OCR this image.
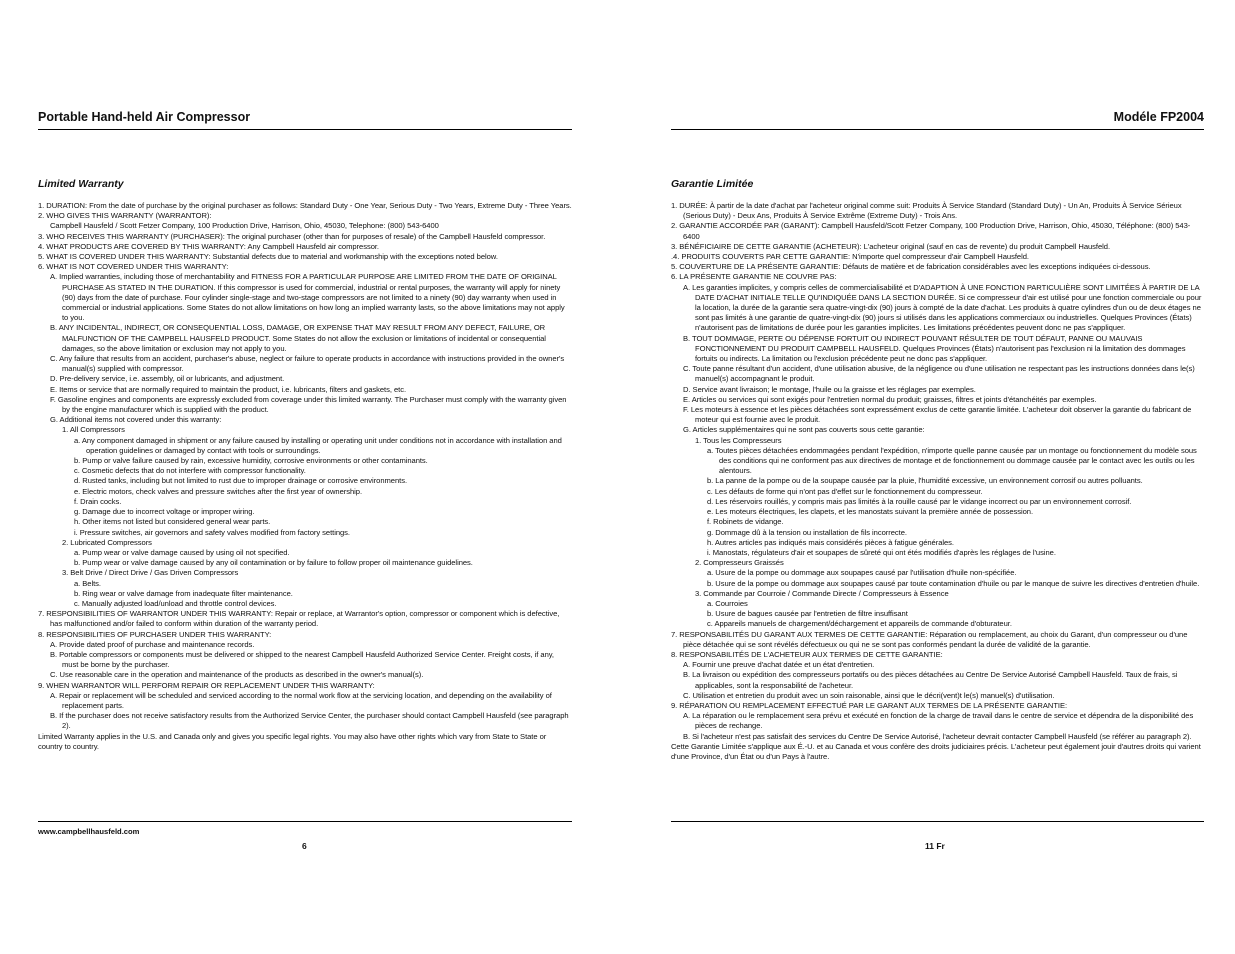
Portable Hand-held Air Compressor
Limited Warranty

1. DURATION: From the date of purchase by the original purchaser as follows: Standard Duty - One Year, Serious Duty - Two Years, Extreme Duty - Three Years.

2. WHO GIVES THIS WARRANTY (WARRANTOR):

Campbell Hausfeld / Scott Fetzer Company, 100 Production Drive, Harrison, Ohio, 45030, Telephone: (800) 543-6400

3. WHO RECEIVES THIS WARRANTY (PURCHASER): The original purchaser (other than for purposes of resale) of the Campbell Hausfeld compressor.

4. WHAT PRODUCTS ARE COVERED BY THIS WARRANTY: Any Campbell Hausfeld air compressor.

5. WHAT IS COVERED UNDER THIS WARRANTY: Substantial defects due to material and workmanship with the exceptions noted below.

6. WHAT IS NOT COVERED UNDER THIS WARRANTY:

A. Implied warranties, including those of merchantability and FITNESS FOR A PARTICULAR PURPOSE ARE LIMITED FROM THE DATE OF ORIGINAL PURCHASE AS STATED IN THE DURATION. If this compressor is used for commercial, industrial or rental purposes, the warranty will apply for ninety (90) days from the date of purchase. Four cylinder single-stage and two-stage compressors are not limited to a ninety (90) day warranty when used in commercial or industrial applications. Some States do not allow limitations on how long an implied warranty lasts, so the above limitations may not apply to you.

B. ANY INCIDENTAL, INDIRECT, OR CONSEQUENTIAL LOSS, DAMAGE, OR EXPENSE THAT MAY RESULT FROM ANY DEFECT, FAILURE, OR MALFUNCTION OF THE CAMPBELL HAUSFELD PRODUCT. Some States do not allow the exclusion or limitations of incidental or consequential damages, so the above limitation or exclusion may not apply to you.

C. Any failure that results from an accident, purchaser's abuse, neglect or failure to operate products in accordance with instructions provided in the owner's manual(s) supplied with compressor.

D. Pre-delivery service, i.e. assembly, oil or lubricants, and adjustment.

E. Items or service that are normally required to maintain the product, i.e. lubricants, filters and gaskets, etc.

F. Gasoline engines and components are expressly excluded from coverage under this limited warranty. The Purchaser must comply with the warranty given by the engine manufacturer which is supplied with the product.

G. Additional items not covered under this warranty:

1. All Compressors

a. Any component damaged in shipment or any failure caused by installing or operating unit under conditions not in accordance with installation and operation guidelines or damaged by contact with tools or surroundings.

b. Pump or valve failure caused by rain, excessive humidity, corrosive environments or other contaminants.

c. Cosmetic defects that do not interfere with compressor functionality.

d. Rusted tanks, including but not limited to rust due to improper drainage or corrosive environments.

e. Electric motors, check valves and pressure switches after the first year of ownership.

f. Drain cocks.

g. Damage due to incorrect voltage or improper wiring.

h. Other items not listed but considered general wear parts.

i. Pressure switches, air governors and safety valves modified from factory settings.

2. Lubricated Compressors

a. Pump wear or valve damage caused by using oil not specified.

b. Pump wear or valve damage caused by any oil contamination or by failure to follow proper oil maintenance guidelines.

3. Belt Drive / Direct Drive / Gas Driven Compressors

a. Belts.

b. Ring wear or valve damage from inadequate filter maintenance.

c. Manually adjusted load/unload and throttle control devices.

7. RESPONSIBILITIES OF WARRANTOR UNDER THIS WARRANTY: Repair or replace, at Warrantor's option, compressor or component which is defective, has malfunctioned and/or failed to conform within duration of the warranty period.

8. RESPONSIBILITIES OF PURCHASER UNDER THIS WARRANTY:

A. Provide dated proof of purchase and maintenance records.

B. Portable compressors or components must be delivered or shipped to the nearest Campbell Hausfeld Authorized Service Center. Freight costs, if any, must be borne by the purchaser.

C. Use reasonable care in the operation and maintenance of the products as described in the owner's manual(s).

9. WHEN WARRANTOR WILL PERFORM REPAIR OR REPLACEMENT UNDER THIS WARRANTY:

A. Repair or replacement will be scheduled and serviced according to the normal work flow at the servicing location, and depending on the availability of replacement parts.

B. If the purchaser does not receive satisfactory results from the Authorized Service Center, the purchaser should contact Campbell Hausfeld (see paragraph 2).

Limited Warranty applies in the U.S. and Canada only and gives you specific legal rights. You may also have other rights which vary from State to State or country to country.

www.campbellhausfeld.com
6
Modéle FP2004
Garantie Limitée

1. DURÉE: À partir de la date d'achat par l'acheteur original comme suit: Produits À Service Standard (Standard Duty) - Un An, Produits À Service Sérieux (Serious Duty) - Deux Ans, Produits À Service Extrême (Extreme Duty) - Trois Ans.

2. GARANTIE ACCORDÉE PAR (GARANT): Campbell Hausfeld/Scott Fetzer Company, 100 Production Drive, Harrison, Ohio, 45030, Téléphone: (800) 543-6400

3. BÉNÉFICIAIRE DE CETTE GARANTIE (ACHETEUR): L'acheteur original (sauf en cas de revente) du produit Campbell Hausfeld.

.4. PRODUITS COUVERTS PAR CETTE GARANTIE: N'importe quel compresseur d'air Campbell Hausfeld.

5. COUVERTURE DE LA PRÉSENTE GARANTIE: Défauts de matière et de fabrication considérables avec les exceptions indiquées ci-dessous.

6. LA PRÉSENTE GARANTIE NE COUVRE PAS:

A. Les garanties implicites, y compris celles de commercialisabilité et D'ADAPTION À UNE FONCTION PARTICULIÈRE SONT LIMITÉES À PARTIR DE LA DATE D'ACHAT INITIALE TELLE QU'INDIQUÉE DANS LA SECTION DURÉE. Si ce compresseur d'air est utilisé pour une fonction commerciale ou pour la location, la durée de la garantie sera quatre-vingt-dix (90) jours à compté de la date d'achat. Les produits à quatre cylindres d'un ou de deux étages ne sont pas limités à une garantie de quatre-vingt-dix (90) jours si utilisés dans les applications commerciaux ou industrielles. Quelques Provinces (États) n'autorisent pas de limitations de durée pour les garanties implicites. Les limitations précédentes peuvent donc ne pas s'appliquer.

B. TOUT DOMMAGE, PERTE OU DÉPENSE FORTUIT OU INDIRECT POUVANT RÉSULTER DE TOUT DÉFAUT, PANNE OU MAUVAIS FONCTIONNEMENT DU PRODUIT CAMPBELL HAUSFELD. Quelques Provinces (États) n'autorisent pas l'exclusion ni la limitation des dommages fortuits ou indirects. La limitation ou l'exclusion précédente peut ne donc pas s'appliquer.

C. Toute panne résultant d'un accident, d'une utilisation abusive, de la négligence ou d'une utilisation ne respectant pas les instructions données dans le(s) manuel(s) accompagnant le produit.

D. Service avant livraison; le montage, l'huile ou la graisse et les réglages par exemples.

E. Articles ou services qui sont exigés pour l'entretien normal du produit; graisses, filtres et joints d'étanchéités par exemples.

F. Les moteurs à essence et les pièces détachées sont expressément exclus de cette garantie limitée. L'acheteur doit observer la garantie du fabricant de moteur qui est fournie avec le produit.

G. Articles supplémentaires qui ne sont pas couverts sous cette garantie:

1. Tous les Compresseurs

a. Toutes pièces détachées endommagées pendant l'expédition, n'importe quelle panne causée par un montage ou fonctionnement du modèle sous des conditions qui ne conforment pas aux directives de montage et de fonctionnement ou dommage causée par le contact avec les outils ou les alentours.

b. La panne de la pompe ou de la soupape causée par la pluie, l'humidité excessive, un environnement corrosif ou autres polluants.

c. Les défauts de forme qui n'ont pas d'effet sur le fonctionnement du compresseur.

d. Les réservoirs rouillés, y compris mais pas limités à la rouille causé par le vidange incorrect ou par un environnement corrosif.

e. Les moteurs électriques, les clapets, et les manostats suivant la première année de possession.

f. Robinets de vidange.

g. Dommage dû à la tension ou installation de fils incorrecte.

h. Autres articles pas indiqués mais considérés pièces à fatigue générales.

i. Manostats, régulateurs d'air et soupapes de sûreté qui ont étés modifiés d'après les réglages de l'usine.

2. Compresseurs Graissés

a. Usure de la pompe ou dommage aux soupapes causé par l'utilisation d'huile non-spécifiée.

b. Usure de la pompe ou dommage aux soupapes causé par toute contamination d'huile ou par le manque de suivre les directives d'entretien d'huile.

3. Commande par Courroie / Commande Directe / Compresseurs à Essence

a. Courroies

b. Usure de bagues causée par l'entretien de filtre insuffisant

c. Appareils manuels de chargement/déchargement et appareils de commande d'obturateur.

7. RESPONSABILITÉS DU GARANT AUX TERMES DE CETTE GARANTIE: Réparation ou remplacement, au choix du Garant, d'un compresseur ou d'une pièce détachée qui se sont révélés défectueux ou qui ne se sont pas conformés pendant la durée de validité de la garantie.

8. RESPONSABILITÉS DE L'ACHETEUR AUX TERMES DE CETTE GARANTIE:

A. Fournir une preuve d'achat datée et un état d'entretien.

B. La livraison ou expédition des compresseurs portatifs ou des pièces détachées au Centre De Service Autorisé Campbell Hausfeld. Taux de frais, si applicables, sont la responsabilité de l'acheteur.

C. Utilisation et entretien du produit avec un soin raisonable, ainsi que le décri(vent)t le(s) manuel(s) d'utilisation.

9. RÉPARATION OU REMPLACEMENT EFFECTUÉ PAR LE GARANT AUX TERMES DE LA PRÉSENTE GARANTIE:

A. La réparation ou le remplacement sera prévu et exécuté en fonction de la charge de travail dans le centre de service et dépendra de la disponibilité des pièces de rechange.

B. Si l'acheteur n'est pas satisfait des services du Centre De Service Autorisé, l'acheteur devrait contacter Campbell Hausfeld (se référer au paragraph 2).

Cette Garantie Limitée s'applique aux É.-U. et au Canada et vous confère des droits judiciaires précis. L'acheteur peut également jouir d'autres droits qui varient d'une Province, d'un État ou d'un Pays à l'autre.

11 Fr
